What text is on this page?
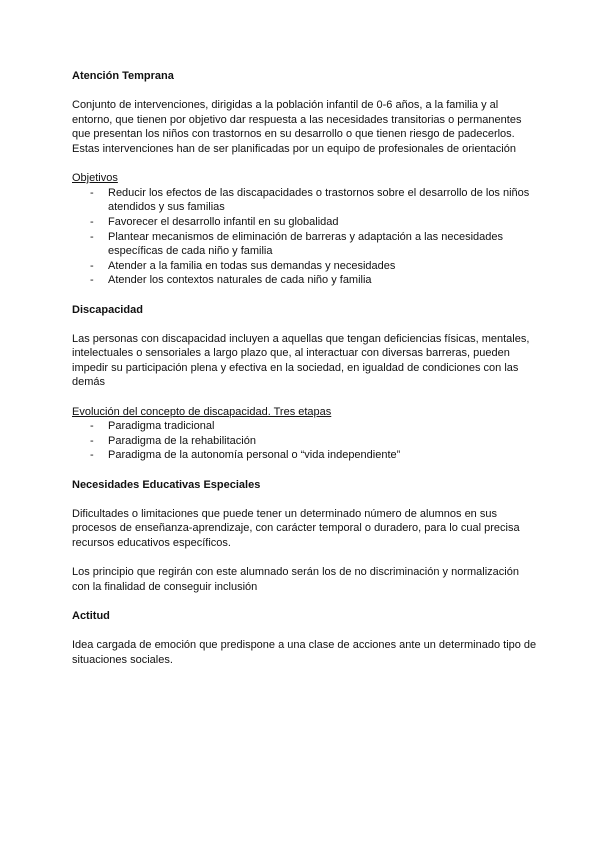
Atención Temprana

Conjunto de intervenciones, dirigidas a la población infantil de 0-6 años, a la familia y al entorno, que tienen por objetivo dar respuesta a las necesidades transitorias o permanentes que presentan los niños con trastornos en su desarrollo o que tienen riesgo de padecerlos. Estas intervenciones han de ser planificadas por un equipo de profesionales de orientación

Objetivos

- Reducir los efectos de las discapacidades o trastornos sobre el desarrollo de los niños atendidos y sus familias
- Favorecer el desarrollo infantil en su globalidad
- Plantear mecanismos de eliminación de barreras y adaptación a las necesidades específicas de cada niño y familia
- Atender a la familia en todas sus demandas y necesidades
- Atender los contextos naturales de cada niño y familia
Discapacidad

Las personas con discapacidad incluyen a aquellas que tengan deficiencias físicas, mentales, intelectuales o sensoriales a largo plazo que, al interactuar con diversas barreras, pueden impedir su participación plena y efectiva en la sociedad, en igualdad de condiciones con las demás

Evolución del concepto de discapacidad. Tres etapas

- Paradigma tradicional
- Paradigma de la rehabilitación
- Paradigma de la autonomía personal o “vida independiente”
Necesidades Educativas Especiales

Dificultades o limitaciones que puede tener un determinado número de alumnos en sus procesos de enseñanza-aprendizaje, con carácter temporal o duradero, para lo cual precisa recursos educativos específicos.

Los principio que regirán con este alumnado serán los de no discriminación y normalización con la finalidad de conseguir inclusión

Actitud

Idea cargada de emoción que predispone a una clase de acciones ante un determinado tipo de situaciones sociales.
